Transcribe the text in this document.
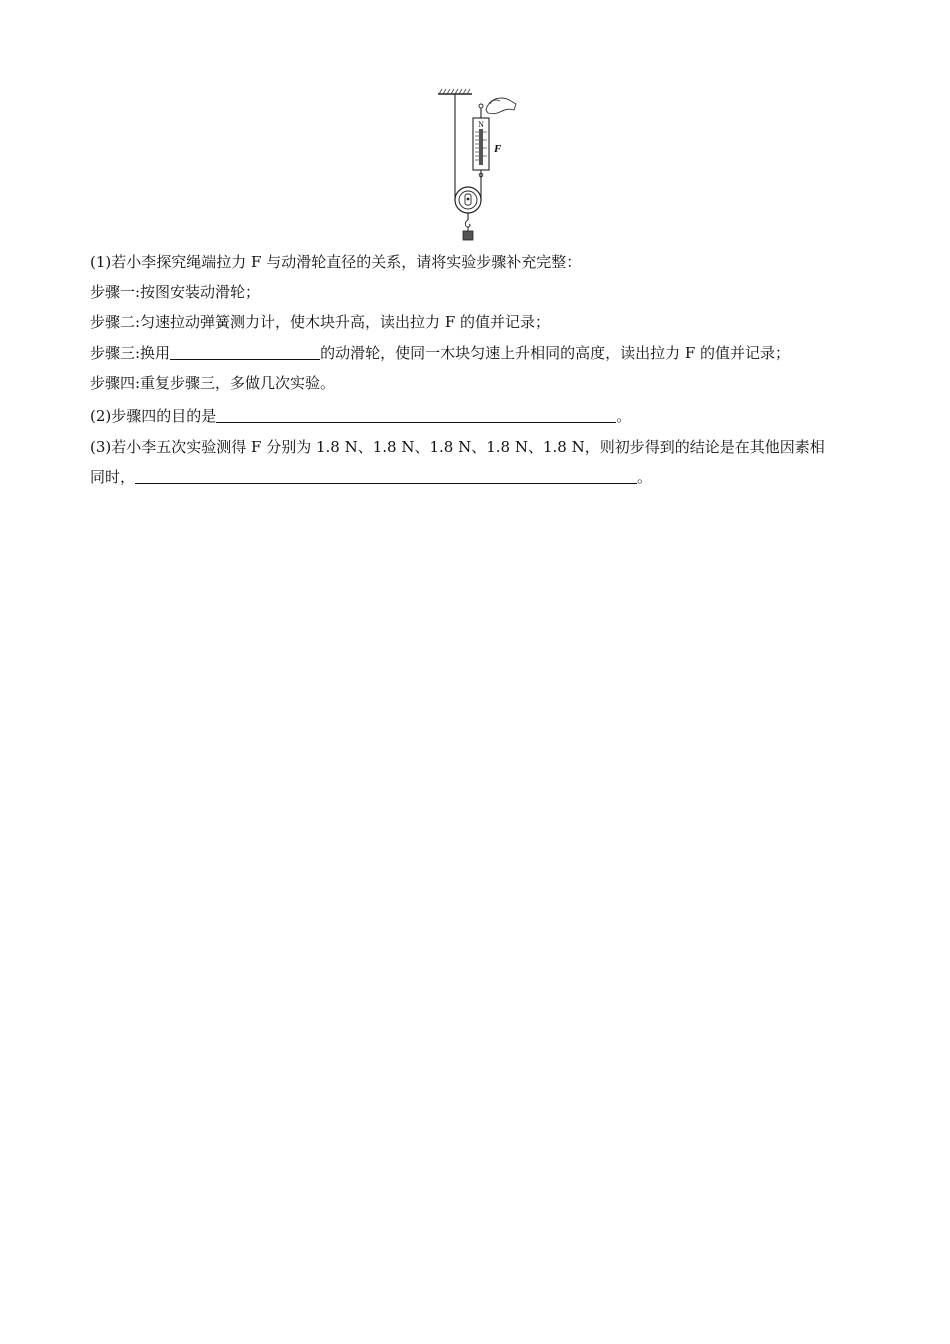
N
F
(1)若小李探究绳端拉力 F 与动滑轮直径的关系，请将实验步骤补充完整：
步骤一:按图安装动滑轮；
步骤二:匀速拉动弹簧测力计，使木块升高，读出拉力 F 的值并记录；
步骤三:换用	的动滑轮，使同一木块匀速上升相同的高度，读出拉力 F 的值并记录；
步骤四:重复步骤三，多做几次实验。
(2)步骤四的目的是	。
(3)若小李五次实验测得 F 分别为 1.8 N、1.8 N、1.8 N、1.8 N、1.8 N，则初步得到的结论是在其他因素相
同时，	。
